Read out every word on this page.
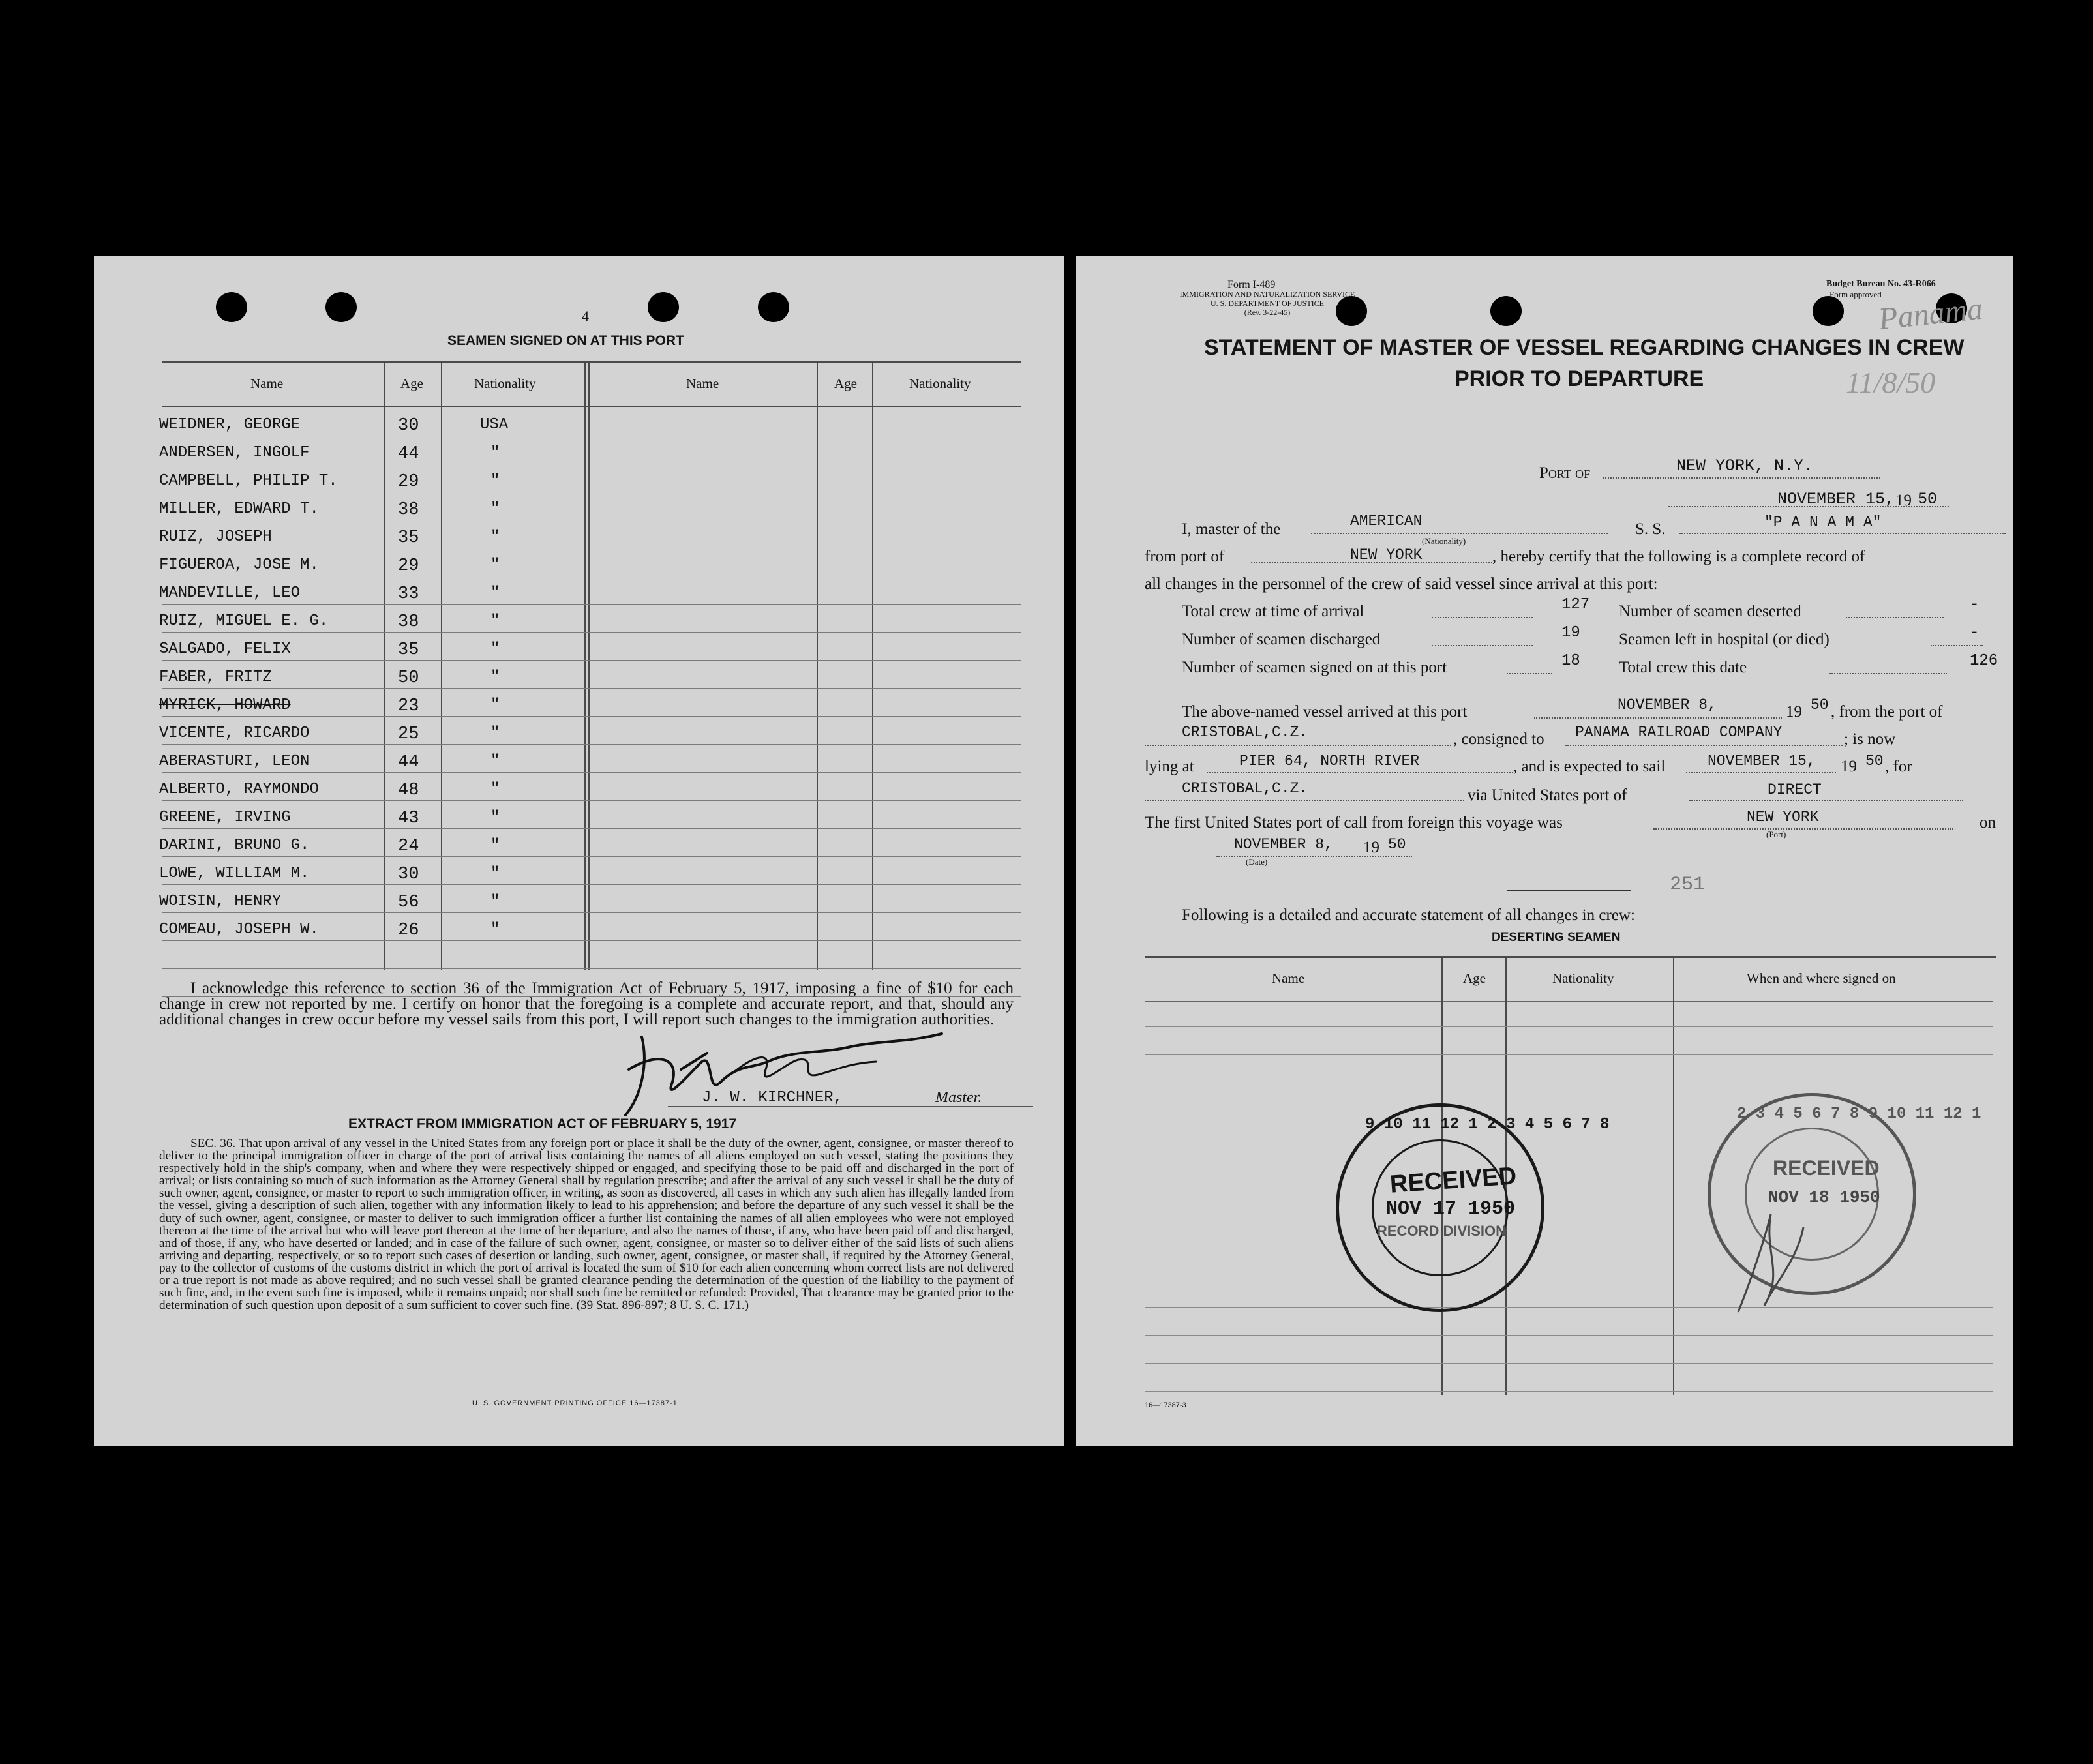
4
SEAMEN SIGNED ON AT THIS PORT
Name	Age	Nationality	Name	Age	Nationality
WEIDNER, GEORGE	30	USA
ANDERSEN, INGOLF	44	"
CAMPBELL, PHILIP T.	29	"
MILLER, EDWARD T.	38	"
RUIZ, JOSEPH	35	"
FIGUEROA, JOSE M.	29	"
MANDEVILLE, LEO	33	"
RUIZ, MIGUEL E. G.	38	"
SALGADO, FELIX	35	"
FABER, FRITZ	50	"
MYRICK, HOWARD	23	"
VICENTE, RICARDO	25	"
ABERASTURI, LEON	44	"
ALBERTO, RAYMONDO	48	"
GREENE, IRVING	43	"
DARINI, BRUNO G.	24	"
LOWE, WILLIAM M.	30	"
WOISIN, HENRY	56	"
COMEAU, JOSEPH W.	26	"
I acknowledge this reference to section 36 of the Immigration Act of February 5, 1917, imposing a fine of $10 for each change in crew not reported by me. I certify on honor that the foregoing is a complete and accurate report, and that, should any additional changes in crew occur before my vessel sails from this port, I will report such changes to the immigration authorities.
J. W. KIRCHNER,	Master.
EXTRACT FROM IMMIGRATION ACT OF FEBRUARY 5, 1917
SEC. 36. That upon arrival of any vessel in the United States from any foreign port or place it shall be the duty of the owner, agent, consignee, or master thereof to deliver to the principal immigration officer in charge of the port of arrival lists containing the names of all aliens employed on such vessel, stating the positions they respectively hold in the ship's company, when and where they were respectively shipped or engaged, and specifying those to be paid off and discharged in the port of arrival; or lists containing so much of such information as the Attorney General shall by regulation prescribe; and after the arrival of any such vessel it shall be the duty of such owner, agent, consignee, or master to report to such immigration officer, in writing, as soon as discovered, all cases in which any such alien has illegally landed from the vessel, giving a description of such alien, together with any information likely to lead to his apprehension; and before the departure of any such vessel it shall be the duty of such owner, agent, consignee, or master to deliver to such immigration officer a further list containing the names of all alien employees who were not employed thereon at the time of the arrival but who will leave port thereon at the time of her departure, and also the names of those, if any, who have been paid off and discharged, and of those, if any, who have deserted or landed; and in case of the failure of such owner, agent, consignee, or master so to deliver either of the said lists of such aliens arriving and departing, respectively, or so to report such cases of desertion or landing, such owner, agent, consignee, or master shall, if required by the Attorney General, pay to the collector of customs of the customs district in which the port of arrival is located the sum of $10 for each alien concerning whom correct lists are not delivered or a true report is not made as above required; and no such vessel shall be granted clearance pending the determination of the question of the liability to the payment of such fine, and, in the event such fine is imposed, while it remains unpaid; nor shall such fine be remitted or refunded: Provided, That clearance may be granted prior to the determination of such question upon deposit of a sum sufficient to cover such fine. (39 Stat. 896-897; 8 U. S. C. 171.)
U. S. GOVERNMENT PRINTING OFFICE 16—17387-1
Form I-489
IMMIGRATION AND NATURALIZATION SERVICE
U. S. DEPARTMENT OF JUSTICE
(Rev. 3-22-45)
Budget Bureau No. 43-R066
Form approved
Panama
11/8/50
STATEMENT OF MASTER OF VESSEL REGARDING CHANGES IN CREW
PRIOR TO DEPARTURE
Port of	NEW YORK, N.Y.
NOVEMBER 15, 19 50
I, master of the	AMERICAN
(Nationality)
S. S.	"P A N A M A"
from port of	NEW YORK	, hereby certify that the following is a complete record of
all changes in the personnel of the crew of said vessel since arrival at this port:
Total crew at time of arrival	127 Number of seamen deserted	-
Number of seamen discharged	19 Seamen left in hospital (or died)	-
Number of seamen signed on at this port	18 Total crew this date	126
The above-named vessel arrived at this port	NOVEMBER 8,	19 50 , from the port of
CRISTOBAL,C.Z.	, consigned to PANAMA RAILROAD COMPANY	; is now
lying at	PIER 64, NORTH RIVER	, and is expected to sail	NOVEMBER 15, 19 50 , for
CRISTOBAL,C.Z.	via United States port of	DIRECT
The first United States port of call from foreign this voyage was	NEW YORK
(Port)
on
NOVEMBER 8, 19 50
(Date)
251
Following is a detailed and accurate statement of all changes in crew:
DESERTING SEAMEN
Name	Age	Nationality	When and where signed on
9 10 11 12 1 2 3 4 5 6 7 8
RECEIVED
NOV 17 1950
RECORD DIVISION
2 3 4 5 6 7 8 9 10 11 12 1
RECEIVED
NOV 18 1950
16—17387-3
